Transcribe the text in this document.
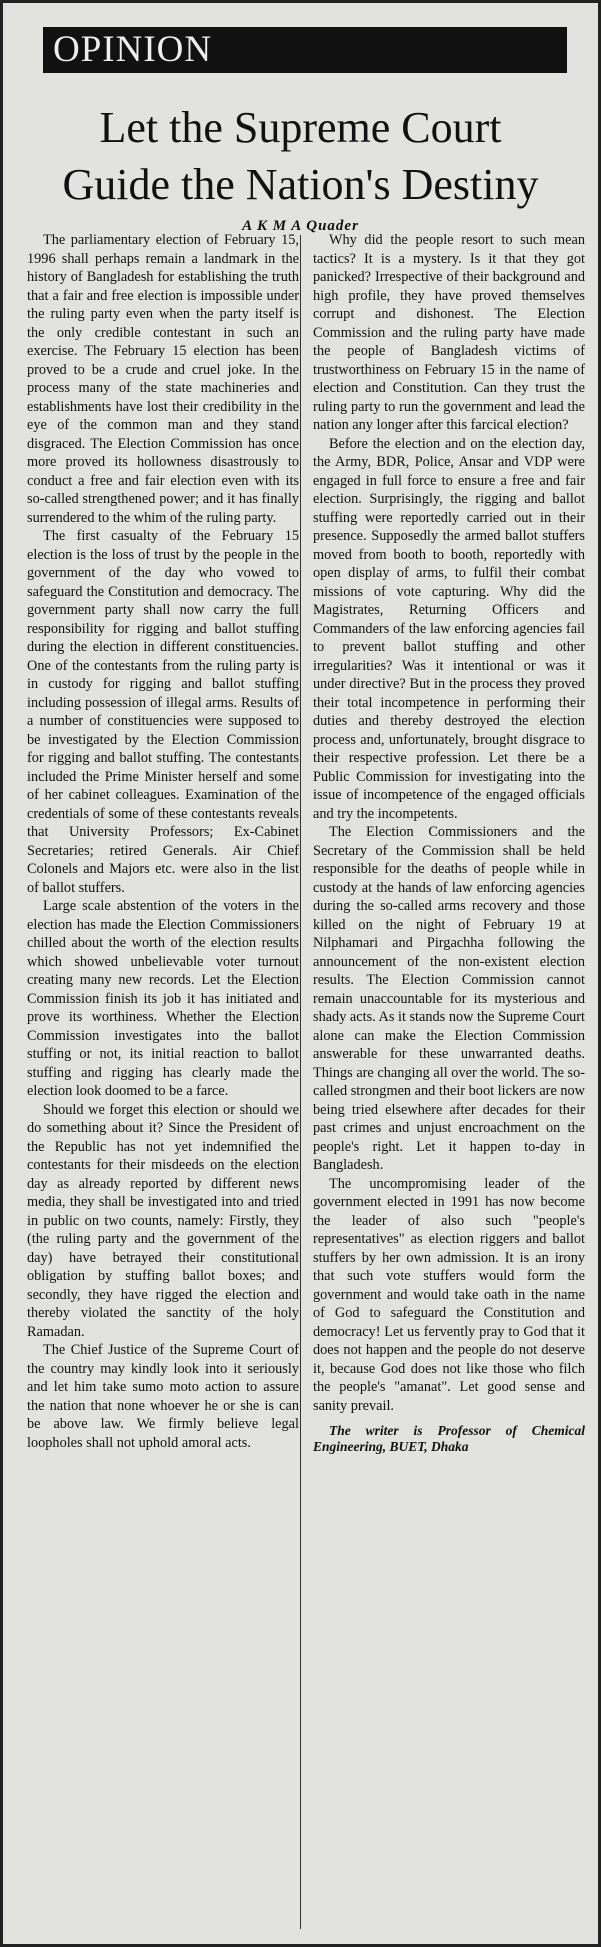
OPINION
Let the Supreme Court
Guide the Nation's Destiny
A K M A Quader

The parliamentary election of February 15, 1996 shall perhaps remain a landmark in the history of Bangladesh for establishing the truth that a fair and free election is impossible under the ruling party even when the party itself is the only credible contestant in such an exercise. The February 15 election has been proved to be a crude and cruel joke. In the process many of the state machineries and establishments have lost their credibility in the eye of the common man and they stand disgraced. The Election Commission has once more proved its hollowness disastrously to conduct a free and fair election even with its so-called strengthened power; and it has finally surrendered to the whim of the ruling party.

The first casualty of the February 15 election is the loss of trust by the people in the government of the day who vowed to safeguard the Constitution and democracy. The government party shall now carry the full responsibility for rigging and ballot stuffing during the election in different constituencies. One of the contestants from the ruling party is in custody for rigging and ballot stuffing including possession of illegal arms. Results of a number of constituencies were supposed to be investigated by the Election Commission for rigging and ballot stuffing. The contestants included the Prime Minister herself and some of her cabinet colleagues. Examination of the credentials of some of these contestants reveals that University Professors; Ex-Cabinet Secretaries; retired Generals. Air Chief Colonels and Majors etc. were also in the list of ballot stuffers.

Large scale abstention of the voters in the election has made the Election Commissioners chilled about the worth of the election results which showed unbelievable voter turnout creating many new records. Let the Election Commission finish its job it has initiated and prove its worthiness. Whether the Election Commission investigates into the ballot stuffing or not, its initial reaction to ballot stuffing and rigging has clearly made the election look doomed to be a farce.

Should we forget this election or should we do something about it? Since the President of the Republic has not yet indemnified the contestants for their misdeeds on the election day as already reported by different news media, they shall be investigated into and tried in public on two counts, namely: Firstly, they (the ruling party and the government of the day) have betrayed their constitutional obligation by stuffing ballot boxes; and secondly, they have rigged the election and thereby violated the sanctity of the holy Ramadan.

The Chief Justice of the Supreme Court of the country may kindly look into it seriously and let him take sumo moto action to assure the nation that none whoever he or she is can be above law. We firmly believe legal loopholes shall not uphold amoral acts.

Why did the people resort to such mean tactics? It is a mystery. Is it that they got panicked? Irrespective of their background and high profile, they have proved themselves corrupt and dishonest. The Election Commission and the ruling party have made the people of Bangladesh victims of trustworthiness on February 15 in the name of election and Constitution. Can they trust the ruling party to run the government and lead the nation any longer after this farcical election?

Before the election and on the election day, the Army, BDR, Police, Ansar and VDP were engaged in full force to ensure a free and fair election. Surprisingly, the rigging and ballot stuffing were reportedly carried out in their presence. Supposedly the armed ballot stuffers moved from booth to booth, reportedly with open display of arms, to fulfil their combat missions of vote capturing. Why did the Magistrates, Returning Officers and Commanders of the law enforcing agencies fail to prevent ballot stuffing and other irregularities? Was it intentional or was it under directive? But in the process they proved their total incompetence in performing their duties and thereby destroyed the election process and, unfortunately, brought disgrace to their respective profession. Let there be a Public Commission for investigating into the issue of incompetence of the engaged officials and try the incompetents.

The Election Commissioners and the Secretary of the Commission shall be held responsible for the deaths of people while in custody at the hands of law enforcing agencies during the so-called arms recovery and those killed on the night of February 19 at Nilphamari and Pirgachha following the announcement of the non-existent election results. The Election Commission cannot remain unaccountable for its mysterious and shady acts. As it stands now the Supreme Court alone can make the Election Commission answerable for these unwarranted deaths. Things are changing all over the world. The so-called strongmen and their boot lickers are now being tried elsewhere after decades for their past crimes and unjust encroachment on the people's right. Let it happen to-day in Bangladesh.

The uncompromising leader of the government elected in 1991 has now become the leader of also such "people's representatives" as election riggers and ballot stuffers by her own admission. It is an irony that such vote stuffers would form the government and would take oath in the name of God to safeguard the Constitution and democracy! Let us fervently pray to God that it does not happen and the people do not deserve it, because God does not like those who filch the people's "amanat". Let good sense and sanity prevail.

The writer is Professor of Chemical Engineering, BUET, Dhaka
